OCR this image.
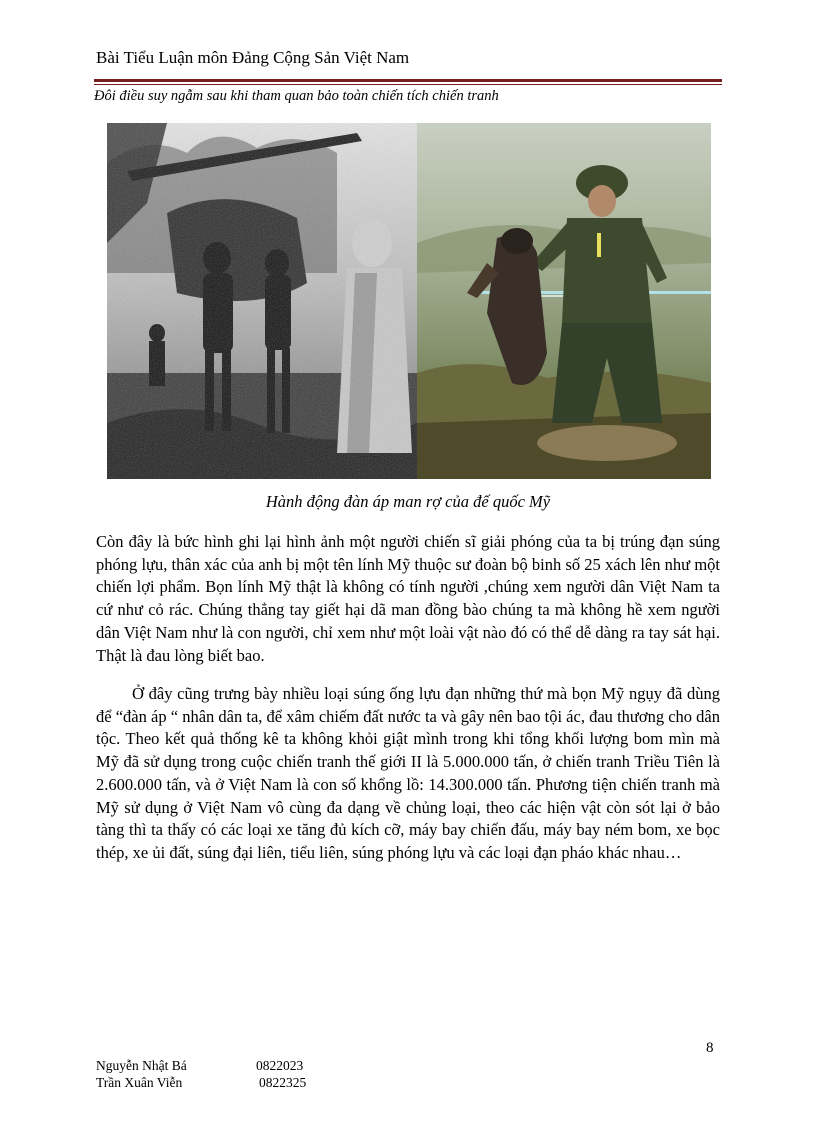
Bài Tiểu Luận môn Đảng Cộng Sản Việt Nam
Đôi điều suy ngẫm sau khi tham quan bảo toàn chiến tích chiến tranh
Hành động đàn áp man rợ của đế quốc Mỹ

Còn đây là bức hình ghi lại hình ảnh một người chiến sĩ giải phóng của ta bị trúng đạn súng phóng lựu, thân xác của anh bị một tên lính Mỹ thuộc sư đoàn bộ binh số 25 xách lên như một chiến lợi phẩm. Bọn lính Mỹ thật là không có tính người ,chúng xem người dân Việt Nam ta cứ như cỏ rác. Chúng thẳng tay giết hại dã man đồng bào chúng ta mà không hề xem người dân Việt Nam như là con người, chỉ xem như một loài vật nào đó có thể dễ dàng ra tay sát hại. Thật là đau lòng biết bao.

Ở đây cũng trưng bày nhiều loại súng ống lựu đạn những thứ mà bọn Mỹ ngụy đã dùng để “đàn áp “ nhân dân ta, để xâm chiếm đất nước ta và gây nên bao tội ác, đau thương cho dân tộc. Theo kết quả thống kê ta không khỏi giật mình trong khi tổng khối lượng bom mìn mà Mỹ đã sử dụng trong cuộc chiến tranh thế giới II là 5.000.000 tấn, ở chiến tranh Triều Tiên là 2.600.000 tấn, và ở Việt Nam là con số khổng lồ: 14.300.000 tấn. Phương tiện chiến tranh mà Mỹ sử dụng ở Việt Nam vô cùng đa dạng về chủng loại, theo các hiện vật còn sót lại ở bảo tàng thì ta thấy có các loại xe tăng đủ kích cỡ, máy bay chiến đấu, máy bay ném bom, xe bọc thép, xe ủi đất, súng đại liên, tiểu liên, súng phóng lựu và các loại đạn pháo khác nhau…

8
Nguyễn Nhật Bá	0822023
Trần Xuân Viễn	0822325
